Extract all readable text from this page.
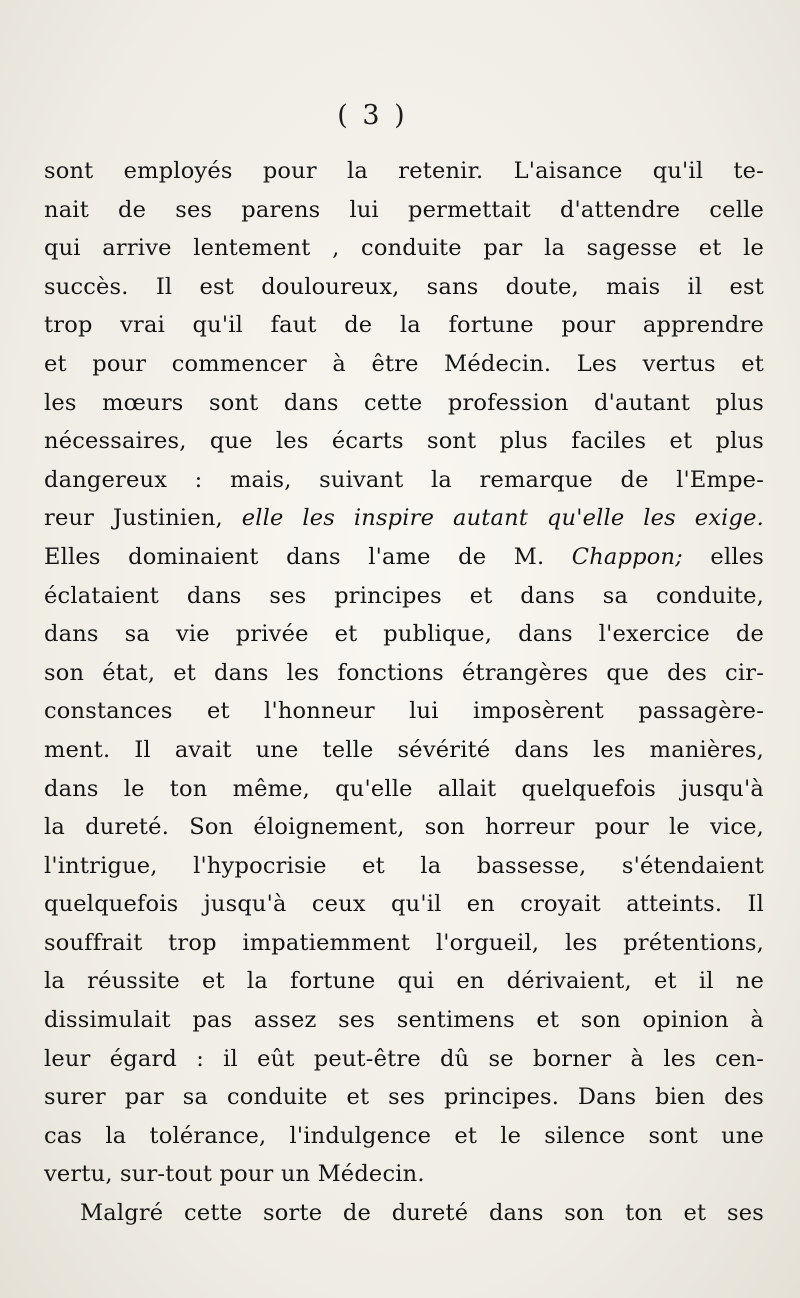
( 3 )
sont employés pour la retenir. L'aisance qu'il te-
nait de ses parens lui permettait d'attendre celle
qui arrive lentement , conduite par la sagesse et le
succès. Il est douloureux, sans doute, mais il est
trop vrai qu'il faut de la fortune pour apprendre
et pour commencer à être Médecin. Les vertus et
les mœurs sont dans cette profession d'autant plus
nécessaires, que les écarts sont plus faciles et plus
dangereux : mais, suivant la remarque de l'Empe-
reur Justinien, elle les inspire autant qu'elle les exige.
Elles dominaient dans l'ame de M. Chappon; elles
éclataient dans ses principes et dans sa conduite,
dans sa vie privée et publique, dans l'exercice de
son état, et dans les fonctions étrangères que des cir-
constances et l'honneur lui imposèrent passagère-
ment. Il avait une telle sévérité dans les manières,
dans le ton même, qu'elle allait quelquefois jusqu'à
la dureté. Son éloignement, son horreur pour le vice,
l'intrigue, l'hypocrisie et la bassesse, s'étendaient
quelquefois jusqu'à ceux qu'il en croyait atteints. Il
souffrait trop impatiemment l'orgueil, les prétentions,
la réussite et la fortune qui en dérivaient, et il ne
dissimulait pas assez ses sentimens et son opinion à
leur égard : il eût peut-être dû se borner à les cen-
surer par sa conduite et ses principes. Dans bien des
cas la tolérance, l'indulgence et le silence sont une
vertu, sur-tout pour un Médecin.
Malgré cette sorte de dureté dans son ton et ses
